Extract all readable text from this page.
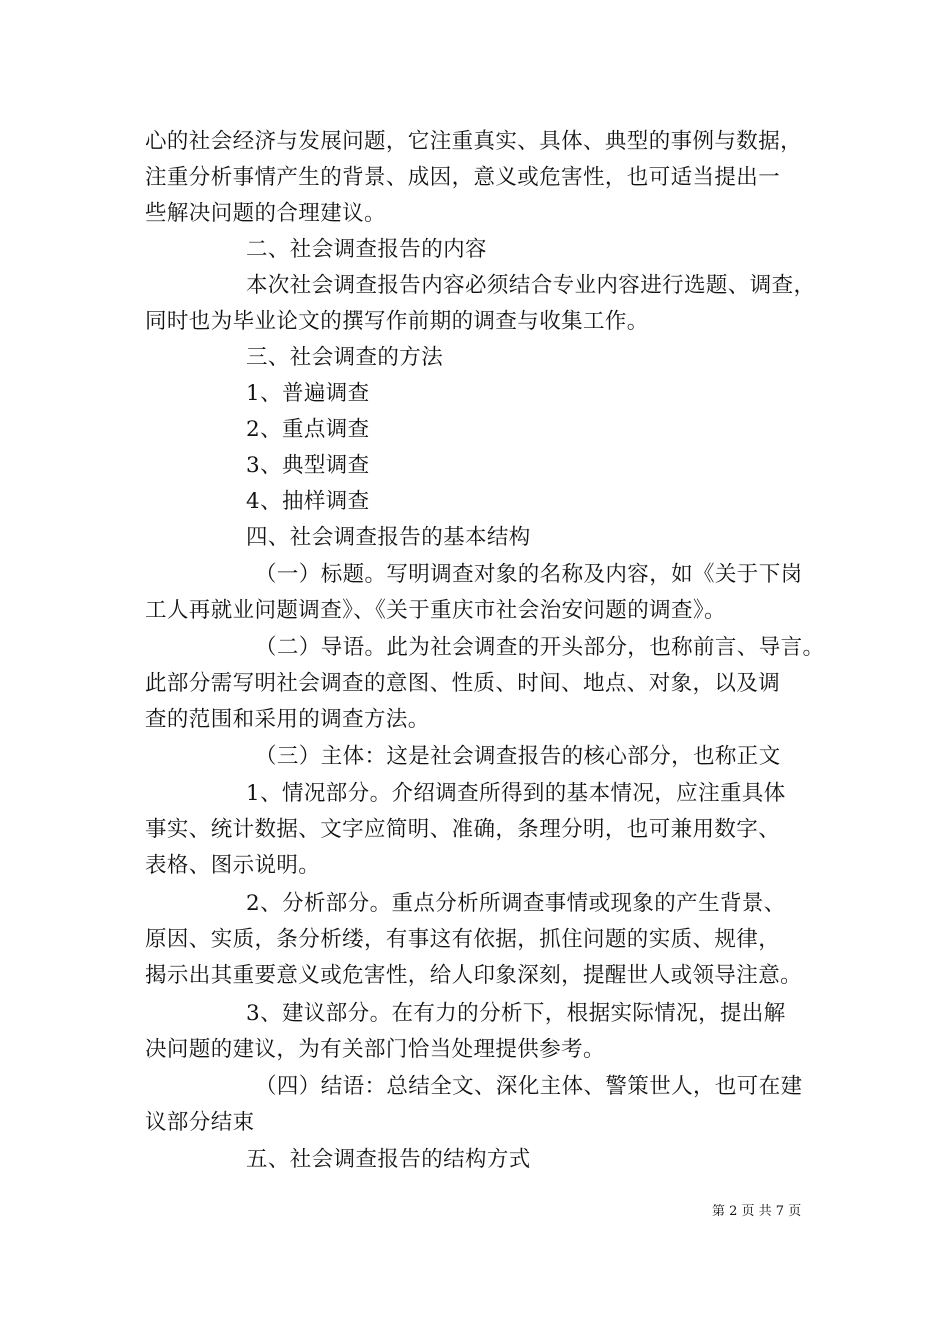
心的社会经济与发展问题，它注重真实、具体、典型的事例与数据，
注重分析事情产生的背景、成因，意义或危害性，也可适当提出一
些解决问题的合理建议。
二、社会调查报告的内容
本次社会调查报告内容必须结合专业内容进行选题、调查，
同时也为毕业论文的撰写作前期的调查与收集工作。
三、社会调查的方法
1、普遍调查
2、重点调查
3、典型调查
4、抽样调查
四、社会调查报告的基本结构
（一）标题。写明调查对象的名称及内容，如《关于下岗
工人再就业问题调查》、《关于重庆市社会治安问题的调查》。
（二）导语。此为社会调查的开头部分，也称前言、导言。
此部分需写明社会调查的意图、性质、时间、地点、对象，以及调
查的范围和采用的调查方法。
（三）主体：这是社会调查报告的核心部分，也称正文
1、情况部分。介绍调查所得到的基本情况，应注重具体
事实、统计数据、文字应简明、准确，条理分明，也可兼用数字、
表格、图示说明。
2、分析部分。重点分析所调查事情或现象的产生背景、
原因、实质，条分析缕，有事这有依据，抓住问题的实质、规律，
揭示出其重要意义或危害性，给人印象深刻，提醒世人或领导注意。
3、建议部分。在有力的分析下，根据实际情况，提出解
决问题的建议，为有关部门恰当处理提供参考。
（四）结语：总结全文、深化主体、警策世人，也可在建
议部分结束
五、社会调查报告的结构方式
第 2 页 共 7 页
